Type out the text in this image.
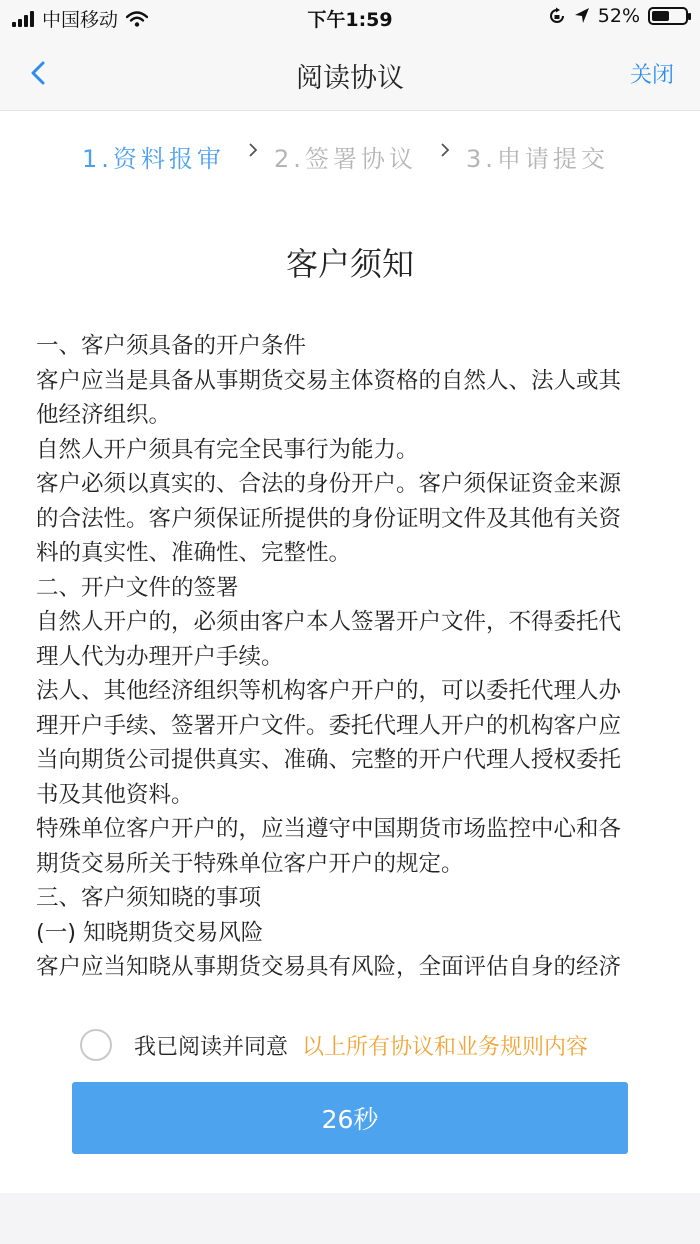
中国移动	下午1:59	52%
阅读协议	关闭
1.资料报审 2.签署协议 3.申请提交
客户须知
一、客户须具备的开户条件
客户应当是具备从事期货交易主体资格的自然人、法人或其
他经济组织。
自然人开户须具有完全民事行为能力。
客户必须以真实的、合法的身份开户。客户须保证资金来源
的合法性。客户须保证所提供的身份证明文件及其他有关资
料的真实性、准确性、完整性。
二、开户文件的签署
自然人开户的，必须由客户本人签署开户文件，不得委托代
理人代为办理开户手续。
法人、其他经济组织等机构客户开户的，可以委托代理人办
理开户手续、签署开户文件。委托代理人开户的机构客户应
当向期货公司提供真实、准确、完整的开户代理人授权委托
书及其他资料。
特殊单位客户开户的，应当遵守中国期货市场监控中心和各
期货交易所关于特殊单位客户开户的规定。
三、客户须知晓的事项
(一) 知晓期货交易风险
客户应当知晓从事期货交易具有风险，全面评估自身的经济
我已阅读并同意 以上所有协议和业务规则内容
26秒
